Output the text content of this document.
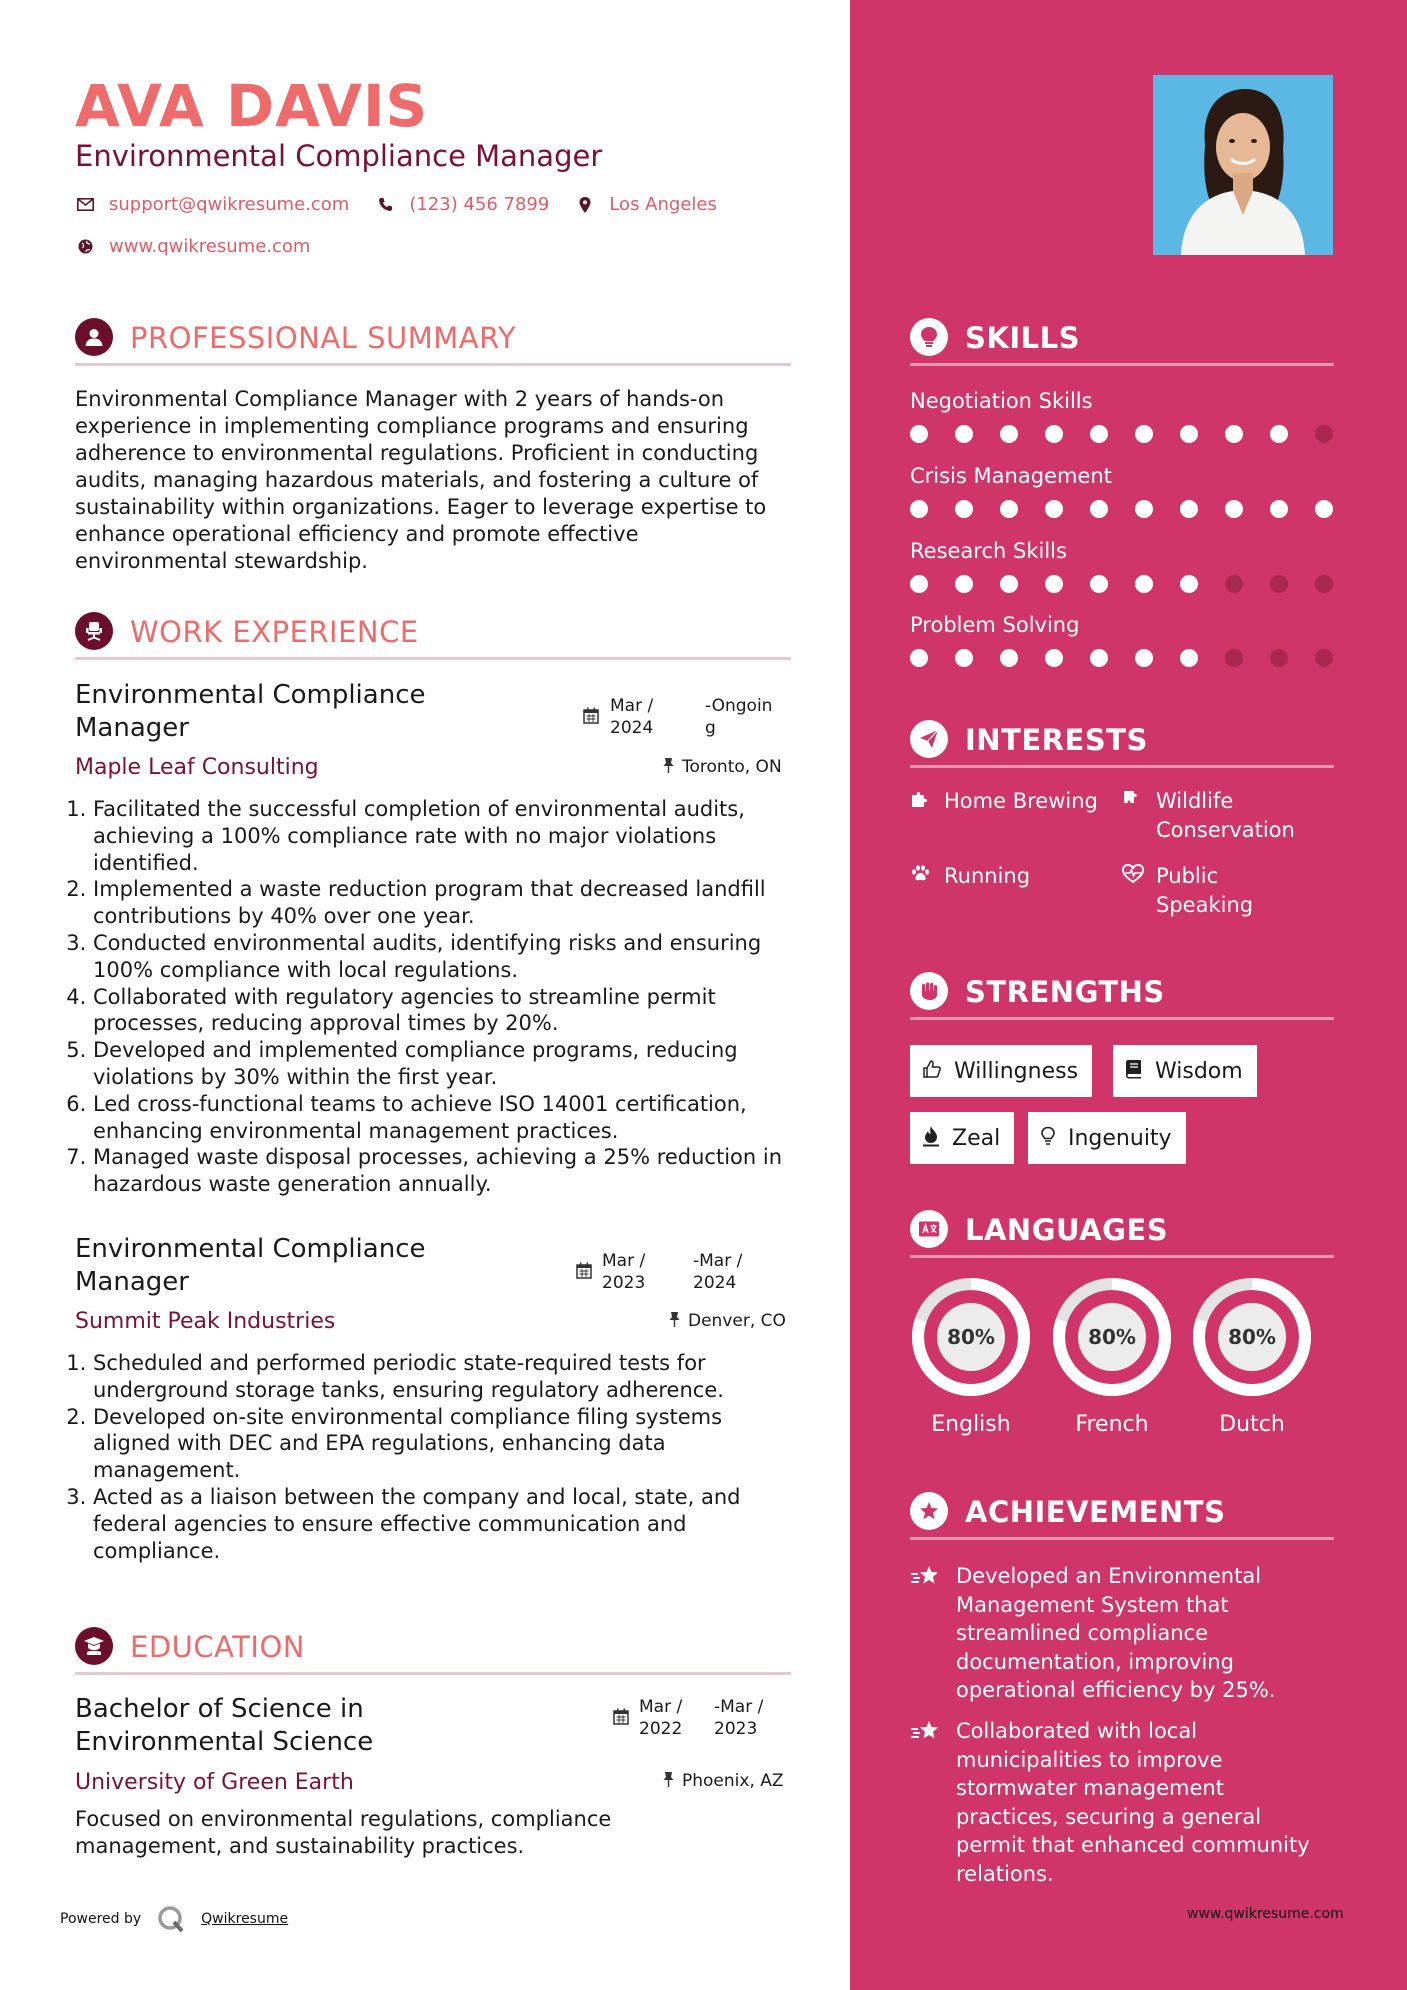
AVA DAVIS
Environmental Compliance Manager
support@qwikresume.com	(123) 456 7899	Los Angeles
www.qwikresume.com
PROFESSIONAL SUMMARY
Environmental Compliance Manager with 2 years of hands-on experience in implementing compliance programs and ensuring adherence to environmental regulations. Proficient in conducting audits, managing hazardous materials, and fostering a culture of sustainability within organizations. Eager to leverage expertise to enhance operational efficiency and promote effective environmental stewardship.
WORK EXPERIENCE
Environmental Compliance
Manager
Mar /
2024
-Ongoin
g
Maple Leaf Consulting	Toronto, ON
1. Facilitated the successful completion of environmental audits, achieving a 100% compliance rate with no major violations identified.
2. Implemented a waste reduction program that decreased landfill contributions by 40% over one year.
3. Conducted environmental audits, identifying risks and ensuring 100% compliance with local regulations.
4. Collaborated with regulatory agencies to streamline permit processes, reducing approval times by 20%.
5. Developed and implemented compliance programs, reducing violations by 30% within the first year.
6. Led cross-functional teams to achieve ISO 14001 certification, enhancing environmental management practices.
7. Managed waste disposal processes, achieving a 25% reduction in hazardous waste generation annually.
Environmental Compliance
Manager
Mar /
2023
-Mar /
2024
Summit Peak Industries	Denver, CO
1. Scheduled and performed periodic state-required tests for underground storage tanks, ensuring regulatory adherence.
2. Developed on-site environmental compliance filing systems aligned with DEC and EPA regulations, enhancing data management.
3. Acted as a liaison between the company and local, state, and federal agencies to ensure effective communication and compliance.
EDUCATION
Bachelor of Science in
Environmental Science
Mar /
2022
-Mar /
2023
University of Green Earth	Phoenix, AZ
Focused on environmental regulations, compliance management, and sustainability practices.
Powered by	Qwikresume
SKILLS
Negotiation Skills
Crisis Management
Research Skills
Problem Solving
INTERESTS
Home Brewing	Wildlife
Conservation
Running	Public
Speaking
STRENGTHS
Willingness	Wisdom
Zeal	Ingenuity
LANGUAGES
80%	80%	80%
English	French	Dutch
ACHIEVEMENTS
Developed an Environmental Management System that streamlined compliance documentation, improving operational efficiency by 25%.
Collaborated with local municipalities to improve stormwater management practices, securing a general permit that enhanced community relations.
www.qwikresume.com
